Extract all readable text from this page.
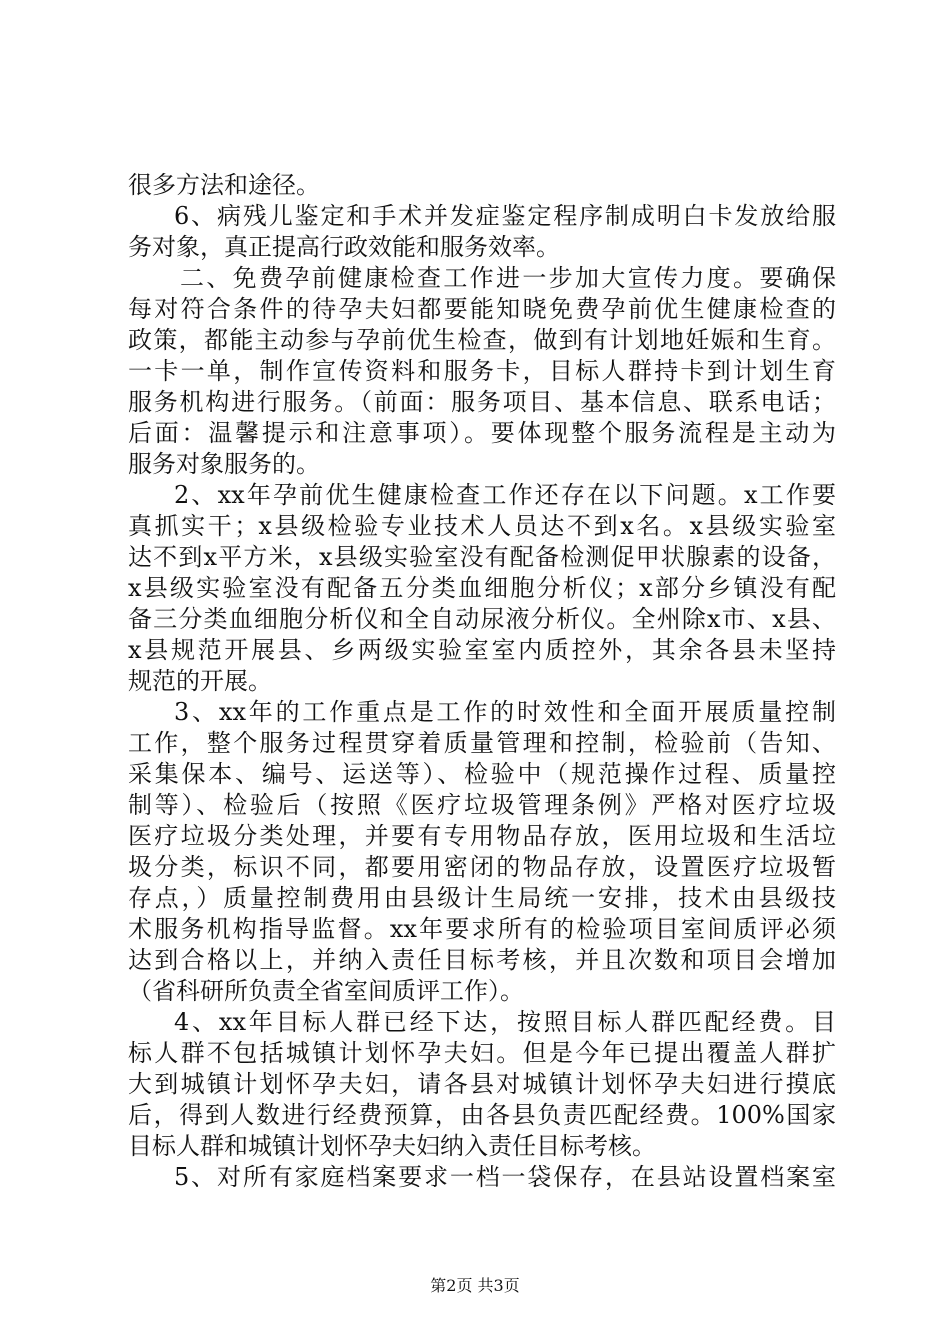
很多方法和途径。
6、病残儿鉴定和手术并发症鉴定程序制成明白卡发放给服
务对象，真正提高行政效能和服务效率。
二、免费孕前健康检查工作进一步加大宣传力度。要确保
每对符合条件的待孕夫妇都要能知晓免费孕前优生健康检查的
政策，都能主动参与孕前优生检查，做到有计划地妊娠和生育。
一卡一单，制作宣传资料和服务卡，目标人群持卡到计划生育
服务机构进行服务。（前面：服务项目、基本信息、联系电话；
后面：温馨提示和注意事项）。要体现整个服务流程是主动为
服务对象服务的。
2、xx年孕前优生健康检查工作还存在以下问题。x工作要
真抓实干；x县级检验专业技术人员达不到x名。x县级实验室
达不到x平方米，x县级实验室没有配备检测促甲状腺素的设备，
x县级实验室没有配备五分类血细胞分析仪；x部分乡镇没有配
备三分类血细胞分析仪和全自动尿液分析仪。全州除x市、x县、
x县规范开展县、乡两级实验室室内质控外，其余各县未坚持
规范的开展。
3、xx年的工作重点是工作的时效性和全面开展质量控制
工作，整个服务过程贯穿着质量管理和控制，检验前（告知、
采集保本、编号、运送等）、检验中（规范操作过程、质量控
制等）、检验后（按照《医疗垃圾管理条例》严格对医疗垃圾
医疗垃圾分类处理，并要有专用物品存放，医用垃圾和生活垃
圾分类，标识不同，都要用密闭的物品存放，设置医疗垃圾暂
存点，）质量控制费用由县级计生局统一安排，技术由县级技
术服务机构指导监督。xx年要求所有的检验项目室间质评必须
达到合格以上，并纳入责任目标考核，并且次数和项目会增加
（省科研所负责全省室间质评工作）。
4、xx年目标人群已经下达，按照目标人群匹配经费。目
标人群不包括城镇计划怀孕夫妇。但是今年已提出覆盖人群扩
大到城镇计划怀孕夫妇，请各县对城镇计划怀孕夫妇进行摸底
后，得到人数进行经费预算，由各县负责匹配经费。100%国家
目标人群和城镇计划怀孕夫妇纳入责任目标考核。
5、对所有家庭档案要求一档一袋保存，在县站设置档案室
第2页 共3页
